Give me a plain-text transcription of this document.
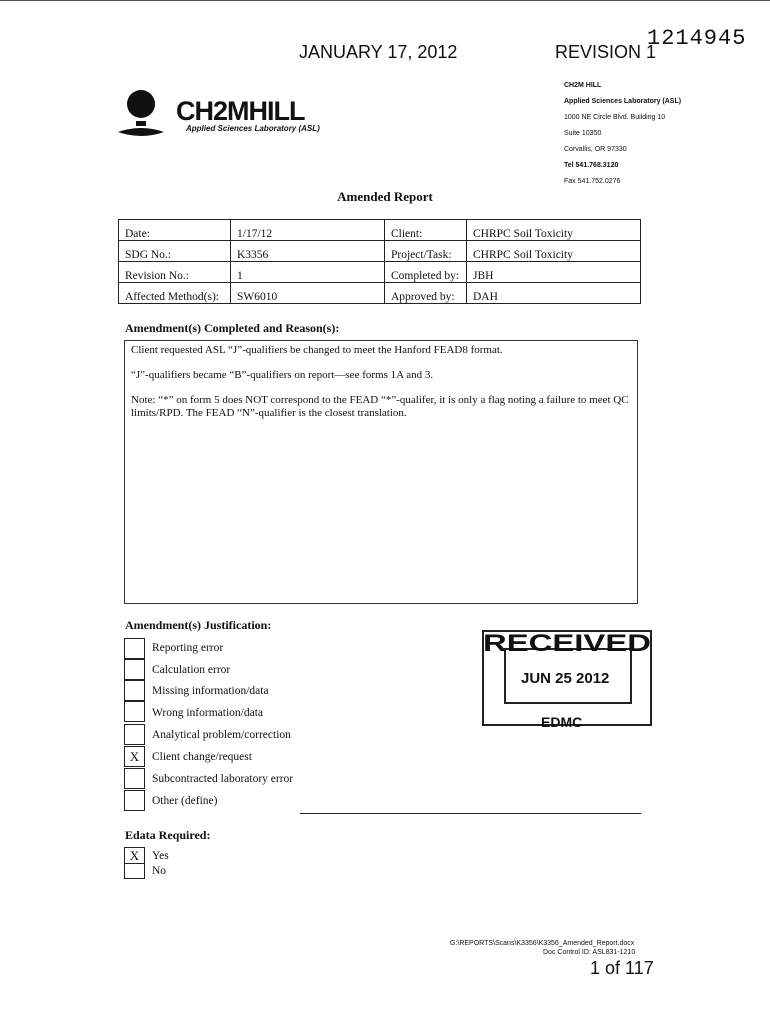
JANUARY 17, 2012	REVISION 1
1214945
CH2MHILL
Applied Sciences Laboratory (ASL)
CH2M HILL
Applied Sciences Laboratory (ASL)
1000 NE Circle Blvd. Building 10
Suite 10350
Corvallis, OR 97330
Tel 541.768.3120
Fax 541.752.0276
Amended Report
Date:	1/17/12	Client:	CHRPC Soil Toxicity
SDG No.:	K3356	Project/Task:	CHRPC Soil Toxicity
Revision No.:	1	Completed by:	JBH
Affected Method(s):	SW6010	Approved by:	DAH
Amendment(s) Completed and Reason(s):

Client requested ASL “J”-qualifiers be changed to meet the Hanford FEAD8 format.

“J”-qualifiers became “B”-qualifiers on report—see forms 1A and 3.

Note: “*” on form 5 does NOT correspond to the FEAD “*”-qualifer, it is only a flag noting a failure to meet QC limits/RPD. The FEAD “N”-qualifier is the closest translation.

Amendment(s) Justification:
Reporting error
Calculation error
Missing information/data
Wrong information/data
Analytical problem/correction
X	Client change/request
Subcontracted laboratory error
Other (define)
RECEIVED
JUN 25 2012
EDMC
Edata Required:
X	Yes
No
G:\REPORTS\Scans\K3356\K3356_Amended_Report.docx
Doc Control ID: ASL831-1210
1 of 117
